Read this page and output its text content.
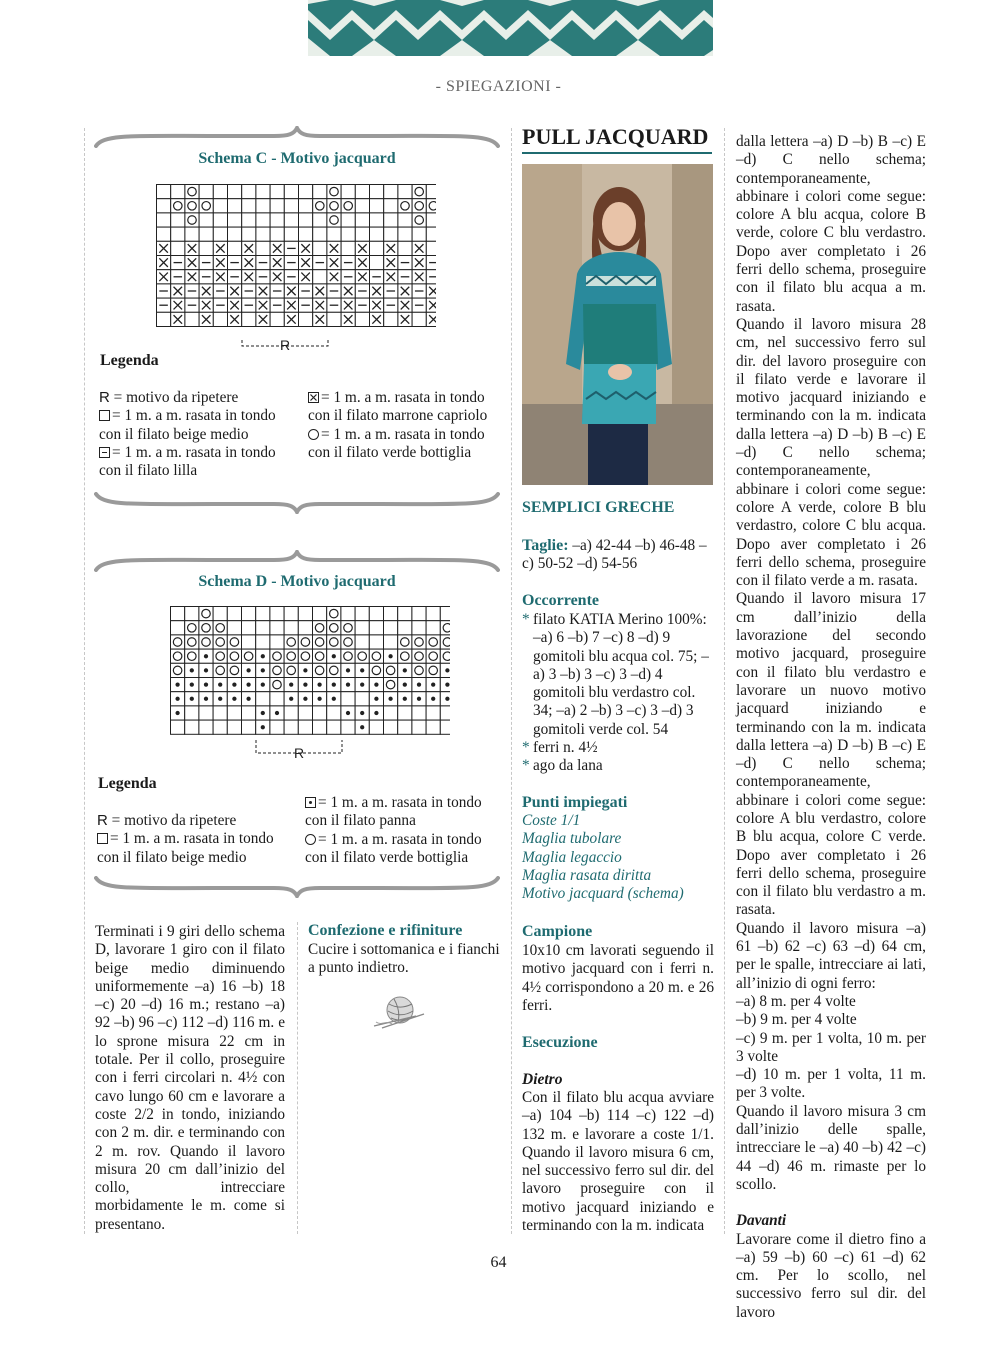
- SPIEGAZIONI -
Schema C - Motivo jacquard
R
Legenda
R = motivo da ripetere
= 1 m. a m. rasata in tondo con il filato beige medio
= 1 m. a m. rasata in tondo con il filato lilla
= 1 m. a m. rasata in tondo con il filato marrone capriolo
= 1 m. a m. rasata in tondo con il filato verde bottiglia
Schema D - Motivo jacquard
R
Legenda
R = motivo da ripetere
= 1 m. a m. rasata in tondo con il filato beige medio
= 1 m. a m. rasata in tondo con il filato panna
= 1 m. a m. rasata in tondo con il filato verde bottiglia
Terminati i 9 giri dello schema D, lavorare 1 giro con il filato beige medio diminuendo uniformemente –a) 16 –b) 18 –c) 20 –d) 16 m.; restano –a) 92 –b) 96 –c) 112 –d) 116 m. e lo sprone misura 22 cm in totale. Per il collo, proseguire con i ferri circolari n. 4½ con cavo lungo 60 cm e lavorare a coste 2/2 in tondo, iniziando con 2 m. dir. e terminando con 2 m. rov. Quando il lavoro misura 20 cm dall’inizio del collo, intrecciare morbidamente le m. come si presentano.
Confezione e rifiniture
Cucire i sottomanica e i fianchi a punto indietro.
PULL JACQUARD
SEMPLICI GRECHE
Taglie: –a) 42-44 –b) 46-48 –c) 50-52 –d) 54-56
Occorrente
* filato KATIA Merino 100%: –a) 6 –b) 7 –c) 8 –d) 9 gomitoli blu acqua col. 75; –a) 3 –b) 3 –c) 3 –d) 4 gomitoli blu verdastro col. 34; –a) 2 –b) 3 –c) 3 –d) 3 gomitoli verde col. 54
* ferri n. 4½
* ago da lana
Punti impiegati
Coste 1/1
Maglia tubolare
Maglia legaccio
Maglia rasata diritta
Motivo jacquard (schema)
Campione
10x10 cm lavorati seguendo il motivo jacquard con i ferri n. 4½ corrispondono a 20 m. e 26 ferri.
Esecuzione
Dietro
Con il filato blu acqua avviare –a) 104 –b) 114 –c) 122 –d) 132 m. e lavorare a coste 1/1. Quando il lavoro misura 6 cm, nel successivo ferro sul dir. del lavoro proseguire con il motivo jacquard iniziando e terminando con la m. indicata

dalla lettera –a) D –b) B –c) E –d) C nello schema; contemporaneamente, abbinare i colori come segue: colore A blu acqua, colore B verde, colore C blu verdastro. Dopo aver completato i 26 ferri dello schema, proseguire con il filato blu acqua a m. rasata.

Quando il lavoro misura 28 cm, nel successivo ferro sul dir. del lavoro proseguire con il filato verde e lavorare il motivo jacquard iniziando e terminando con la m. indicata dalla lettera –a) D –b) B –c) E –d) C nello schema; contemporaneamente, abbinare i colori come segue: colore A verde, colore B blu verdastro, colore C blu acqua. Dopo aver completato i 26 ferri dello schema, proseguire con il filato verde a m. rasata.

Quando il lavoro misura 17 cm dall’inizio della lavorazione del secondo motivo jacquard, proseguire con il filato blu verdastro e lavorare un nuovo motivo jacquard iniziando e terminando con la m. indicata dalla lettera –a) D –b) B –c) E –d) C nello schema; contemporaneamente, abbinare i colori come segue: colore A blu verdastro, colore B blu acqua, colore C verde. Dopo aver completato i 26 ferri dello schema, proseguire con il filato blu verdastro a m. rasata.

Quando il lavoro misura –a) 61 –b) 62 –c) 63 –d) 64 cm, per le spalle, intrecciare ai lati, all’inizio di ogni ferro:

–a) 8 m. per 4 volte

–b) 9 m. per 4 volte

–c) 9 m. per 1 volta, 10 m. per 3 volte

–d) 10 m. per 1 volta, 11 m. per 3 volte.

Quando il lavoro misura 3 cm dall’inizio delle spalle, intrecciare le –a) 40 –b) 42 –c) 44 –d) 46 m. rimaste per lo scollo.

Davanti

Lavorare come il dietro fino a –a) 59 –b) 60 –c) 61 –d) 62 cm. Per lo scollo, nel successivo ferro sul dir. del lavoro

64
